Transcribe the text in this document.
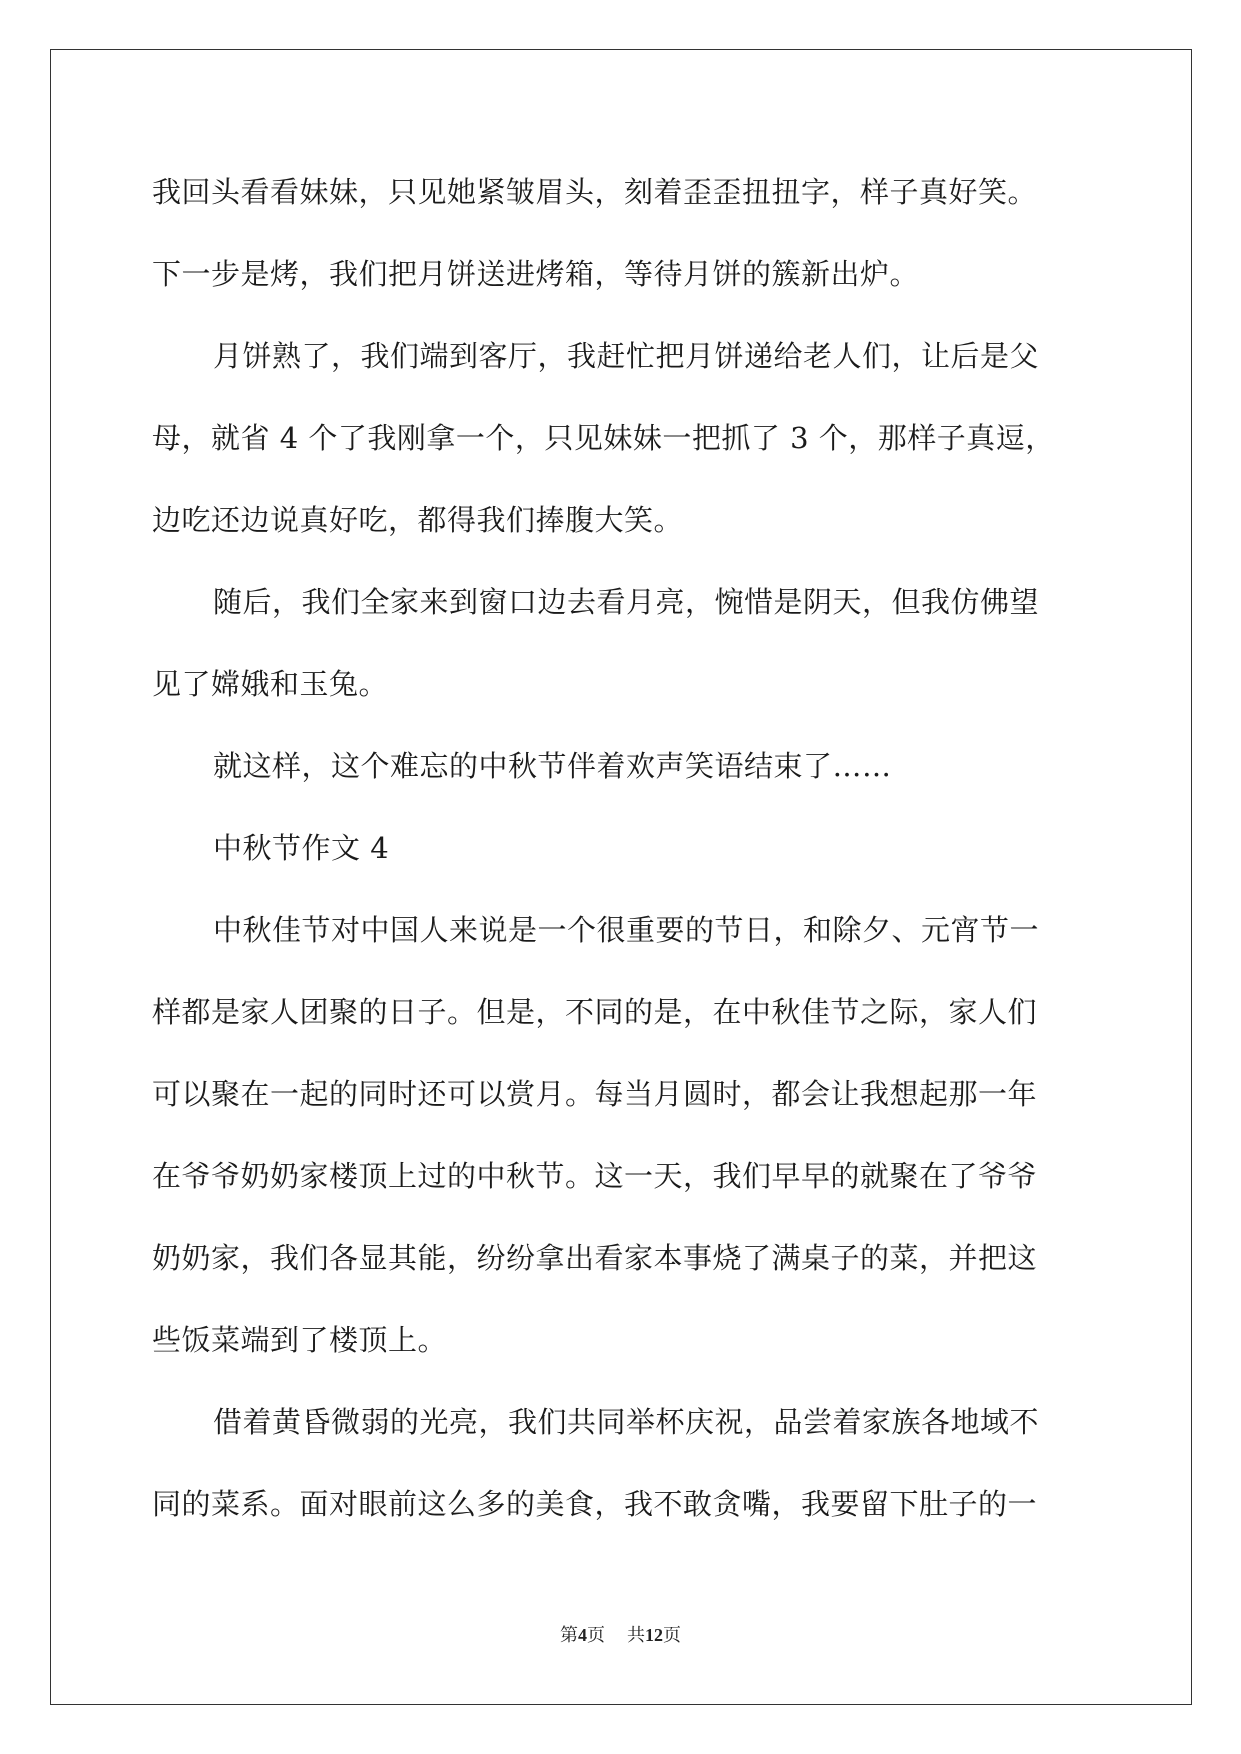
我回头看看妹妹，只见她紧皱眉头，刻着歪歪扭扭字，样子真好笑。
下一步是烤，我们把月饼送进烤箱，等待月饼的簇新出炉。
月饼熟了，我们端到客厅，我赶忙把月饼递给老人们，让后是父
母，就省 4 个了我刚拿一个，只见妹妹一把抓了 3 个，那样子真逗，
边吃还边说真好吃，都得我们捧腹大笑。
随后，我们全家来到窗口边去看月亮，惋惜是阴天，但我仿佛望
见了嫦娥和玉兔。
就这样，这个难忘的中秋节伴着欢声笑语结束了……
中秋节作文 4
中秋佳节对中国人来说是一个很重要的节日，和除夕、元宵节一
样都是家人团聚的日子。但是，不同的是，在中秋佳节之际，家人们
可以聚在一起的同时还可以赏月。每当月圆时，都会让我想起那一年
在爷爷奶奶家楼顶上过的中秋节。这一天，我们早早的就聚在了爷爷
奶奶家，我们各显其能，纷纷拿出看家本事烧了满桌子的菜，并把这
些饭菜端到了楼顶上。
借着黄昏微弱的光亮，我们共同举杯庆祝，品尝着家族各地域不
同的菜系。面对眼前这么多的美食，我不敢贪嘴，我要留下肚子的一
第4页 共12页
